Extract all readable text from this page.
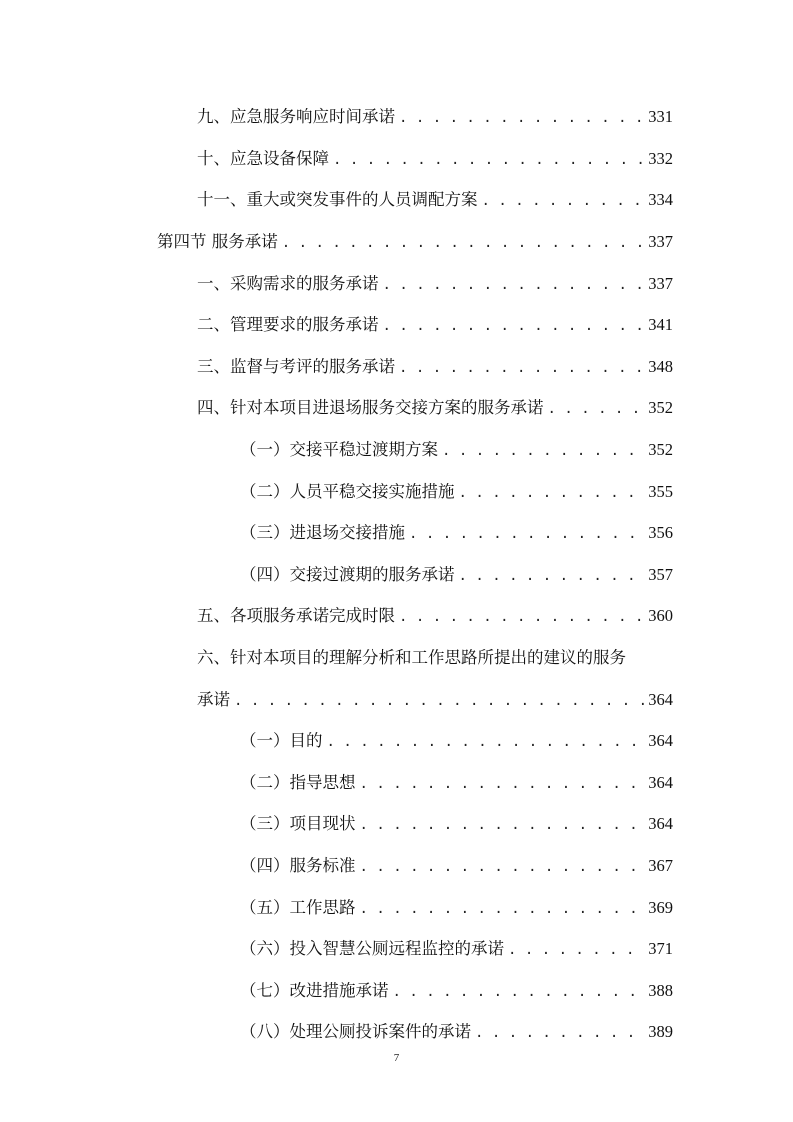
九、应急服务响应时间承诺 . . .	331
十、应急设备保障 . . .	332
十一、重大或突发事件的人员调配方案 . . .	334
第四节 服务承诺 . . .	337
一、采购需求的服务承诺 . . .	337
二、管理要求的服务承诺 . . .	341
三、监督与考评的服务承诺 . . .	348
四、针对本项目进退场服务交接方案的服务承诺 . . .	352
（一）交接平稳过渡期方案 . . .	352
（二）人员平稳交接实施措施 . . .	355
（三）进退场交接措施 . . .	356
（四）交接过渡期的服务承诺 . . .	357
五、各项服务承诺完成时限 . . .	360
六、针对本项目的理解分析和工作思路所提出的建议的服务
承诺 . . .	364
（一）目的 . . .	364
（二）指导思想 . . .	364
（三）项目现状 . . .	364
（四）服务标准 . . .	367
（五）工作思路 . . .	369
（六）投入智慧公厕远程监控的承诺 . . .	371
（七）改进措施承诺 . . .	388
（八）处理公厕投诉案件的承诺 . . .	389
7
